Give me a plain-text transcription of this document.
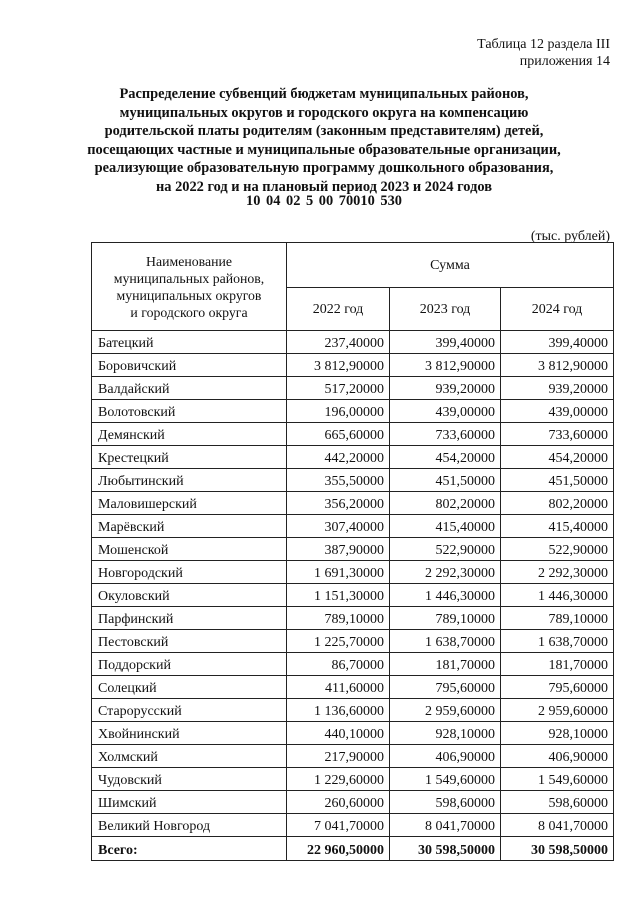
Таблица 12 раздела III
приложения 14
Распределение субвенций бюджетам муниципальных районов,
муниципальных округов и городского округа на компенсацию
родительской платы родителям (законным представителям) детей,
посещающих частные и муниципальные образовательные организации,
реализующие образовательную программу дошкольного образования,
на 2022 год и на плановый период 2023 и 2024 годов
10 04 02 5 00 70010 530
(тыс. рублей)
Наименование
муниципальных районов,
муниципальных округов
и городского округа	Сумма		
	2022 год	2023 год	2024 год
Батецкий	237,40000	399,40000	399,40000
Боровичский	3 812,90000	3 812,90000	3 812,90000
Валдайский	517,20000	939,20000	939,20000
Волотовский	196,00000	439,00000	439,00000
Демянский	665,60000	733,60000	733,60000
Крестецкий	442,20000	454,20000	454,20000
Любытинский	355,50000	451,50000	451,50000
Маловишерский	356,20000	802,20000	802,20000
Марёвский	307,40000	415,40000	415,40000
Мошенской	387,90000	522,90000	522,90000
Новгородский	1 691,30000	2 292,30000	2 292,30000
Окуловский	1 151,30000	1 446,30000	1 446,30000
Парфинский	789,10000	789,10000	789,10000
Пестовский	1 225,70000	1 638,70000	1 638,70000
Поддорский	86,70000	181,70000	181,70000
Солецкий	411,60000	795,60000	795,60000
Старорусский	1 136,60000	2 959,60000	2 959,60000
Хвойнинский	440,10000	928,10000	928,10000
Холмский	217,90000	406,90000	406,90000
Чудовский	1 229,60000	1 549,60000	1 549,60000
Шимский	260,60000	598,60000	598,60000
Великий Новгород	7 041,70000	8 041,70000	8 041,70000
Всего:	22 960,50000	30 598,50000	30 598,50000
